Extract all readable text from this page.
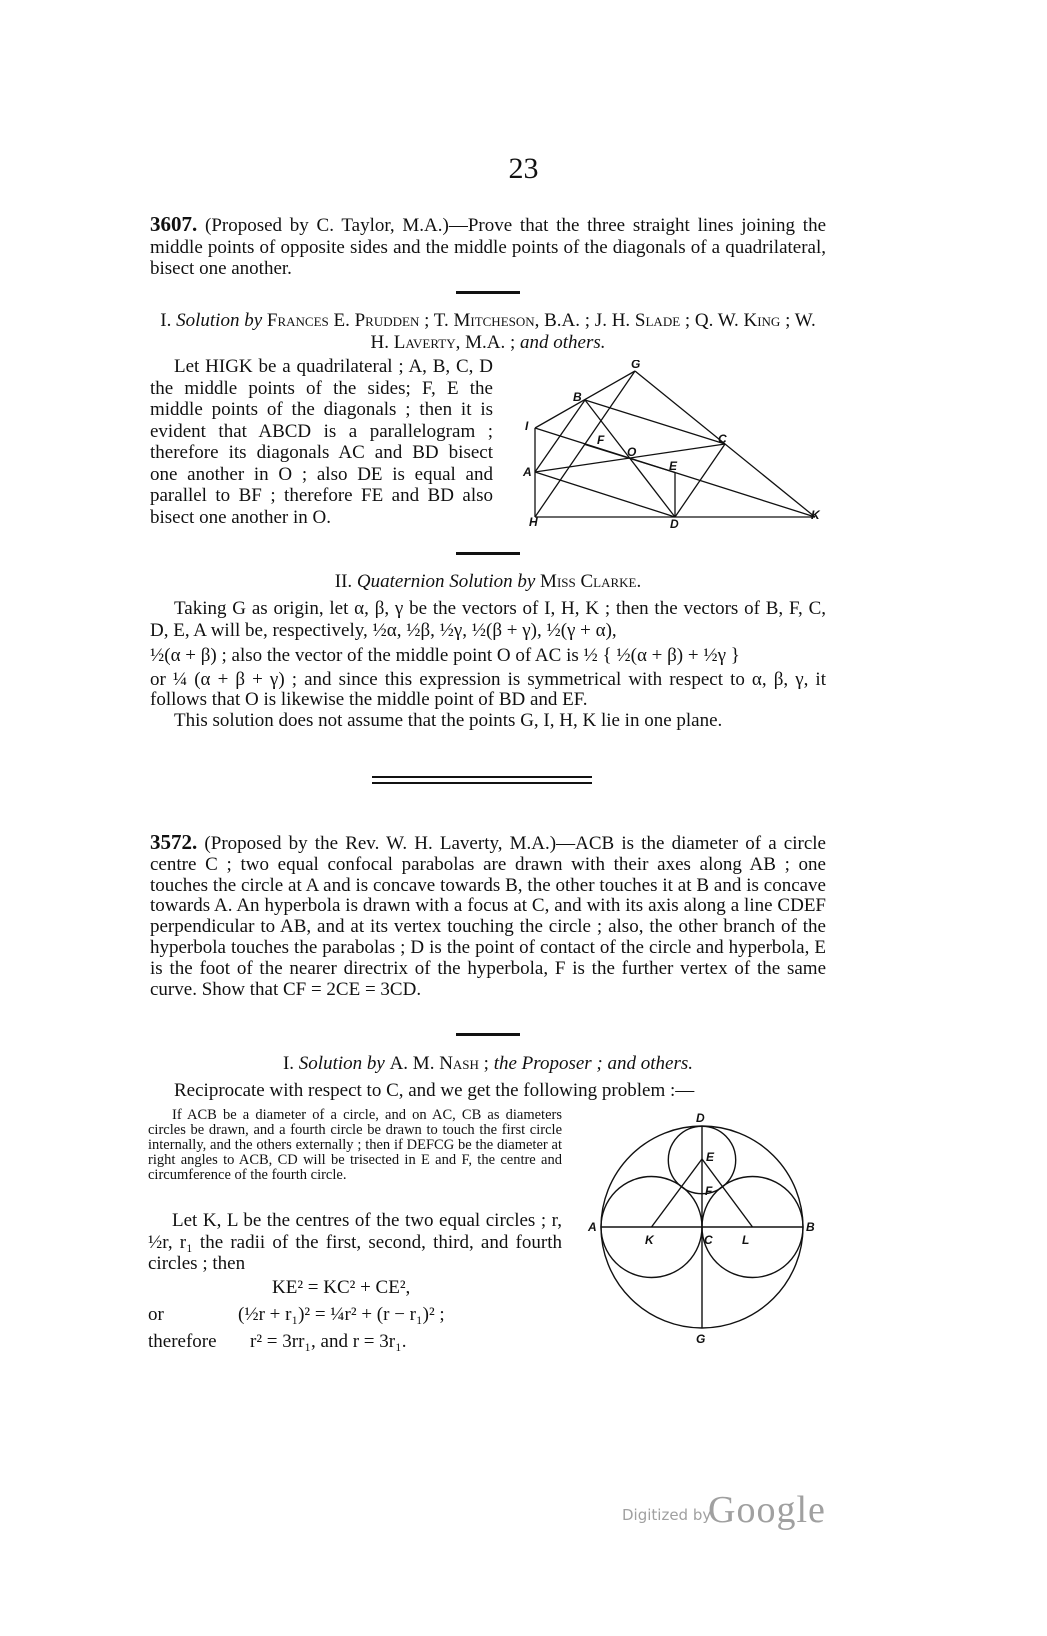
23
3607. (Proposed by C. Taylor, M.A.)—Prove that the three straight lines joining the middle points of opposite sides and the middle points of the diagonals of a quadrilateral, bisect one another.
I. Solution by Frances E. Prudden ; T. Mitcheson, B.A. ; J. H. Slade ; Q. W. King ; W. H. Laverty, M.A. ; and others.
Let HIGK be a quadrilateral ; A, B, C, D the middle points of the sides; F, E the middle points of the diagonals ; then it is evident that ABCD is a parallelogram ; therefore its diagonals AC and BD bisect one another in O ; also DE is equal and parallel to BF ; therefore FE and BD also bisect one another in O.
G
B
I
F
O
C
E
A
K
H	D
II. Quaternion Solution by Miss Clarke.
Taking G as origin, let α, β, γ be the vectors of I, H, K ; then the vectors of B, F, C, D, E, A will be, respectively, ½α, ½β, ½γ, ½(β + γ), ½(γ + α),
½(α + β) ; also the vector of the middle point O of AC is ½ { ½(α + β) + ½γ }
or ¼ (α + β + γ) ; and since this expression is symmetrical with respect to α, β, γ, it follows that O is likewise the middle point of BD and EF.
This solution does not assume that the points G, I, H, K lie in one plane.
3572. (Proposed by the Rev. W. H. Laverty, M.A.)—ACB is the diameter of a circle centre C ; two equal confocal parabolas are drawn with their axes along AB ; one touches the circle at A and is concave towards B, the other touches it at B and is concave towards A. An hyperbola is drawn with a focus at C, and with its axis along a line CDEF perpendicular to AB, and at its vertex touching the circle ; also, the other branch of the hyperbola touches the parabolas ; D is the point of contact of the circle and hyperbola, E is the foot of the nearer directrix of the hyperbola, F is the further vertex of the same curve. Show that CF = 2CE = 3CD.
I. Solution by A. M. Nash ; the Proposer ; and others.
Reciprocate with respect to C, and we get the following problem :—
If ACB be a diameter of a circle, and on AC, CB as diameters circles be drawn, and a fourth circle be drawn to touch the first circle internally, and the others externally ; then if DEFCG be the diameter at right angles to ACB, CD will be trisected in E and F, the centre and circumference of the fourth circle.
Let K, L be the centres of the two equal circles ; r, ½r, r₁ the radii of the first, second, third, and fourth circles ; then
KE² = KC² + CE²,
or	(½r + r₁)² = ¼r² + (r − r₁)² ;
therefore r² = 3rr₁, and r = 3r₁.
D
E
F
A
K	C L
B
G
Digitized by
Google
